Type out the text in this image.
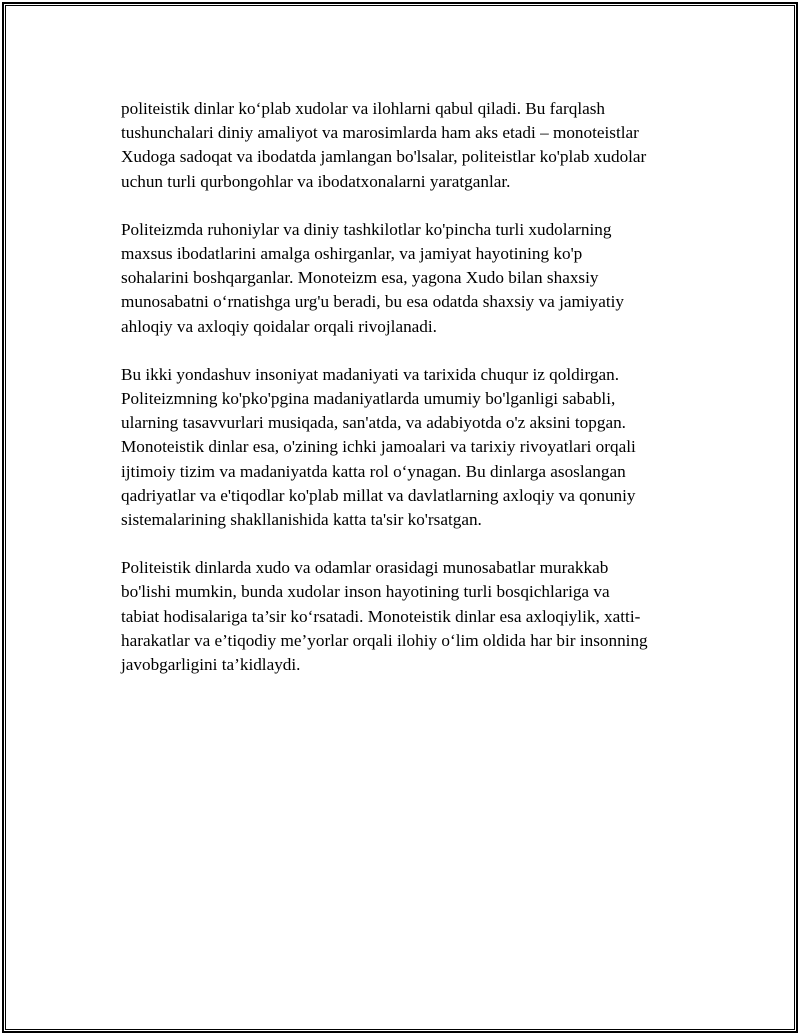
politeistik dinlar ko‘plab xudolar va ilohlarni qabul qiladi. Bu farqlash
tushunchalari diniy amaliyot va marosimlarda ham aks etadi – monoteistlar
Xudoga sadoqat va ibodatda jamlangan bo'lsalar, politeistlar ko'plab xudolar
uchun turli qurbongohlar va ibodatxonalarni yaratganlar.

Politeizmda ruhoniylar va diniy tashkilotlar ko'pincha turli xudolarning
maxsus ibodatlarini amalga oshirganlar, va jamiyat hayotining ko'p
sohalarini boshqarganlar. Monoteizm esa, yagona Xudo bilan shaxsiy
munosabatni o‘rnatishga urg'u beradi, bu esa odatda shaxsiy va jamiyatiy
ahloqiy va axloqiy qoidalar orqali rivojlanadi.

Bu ikki yondashuv insoniyat madaniyati va tarixida chuqur iz qoldirgan.
Politeizmning ko'pko'pgina madaniyatlarda umumiy bo'lganligi sababli,
ularning tasavvurlari musiqada, san'atda, va adabiyotda o'z aksini topgan.
Monoteistik dinlar esa, o'zining ichki jamoalari va tarixiy rivoyatlari orqali
ijtimoiy tizim va madaniyatda katta rol o‘ynagan. Bu dinlarga asoslangan
qadriyatlar va e'tiqodlar ko'plab millat va davlatlarning axloqiy va qonuniy
sistemalarining shakllanishida katta ta'sir ko'rsatgan.

Politeistik dinlarda xudo va odamlar orasidagi munosabatlar murakkab
bo'lishi mumkin, bunda xudolar inson hayotining turli bosqichlariga va
tabiat hodisalariga ta’sir ko‘rsatadi. Monoteistik dinlar esa axloqiylik, xatti-
harakatlar va e’tiqodiy me’yorlar orqali ilohiy o‘lim oldida har bir insonning
javobgarligini ta’kidlaydi.
